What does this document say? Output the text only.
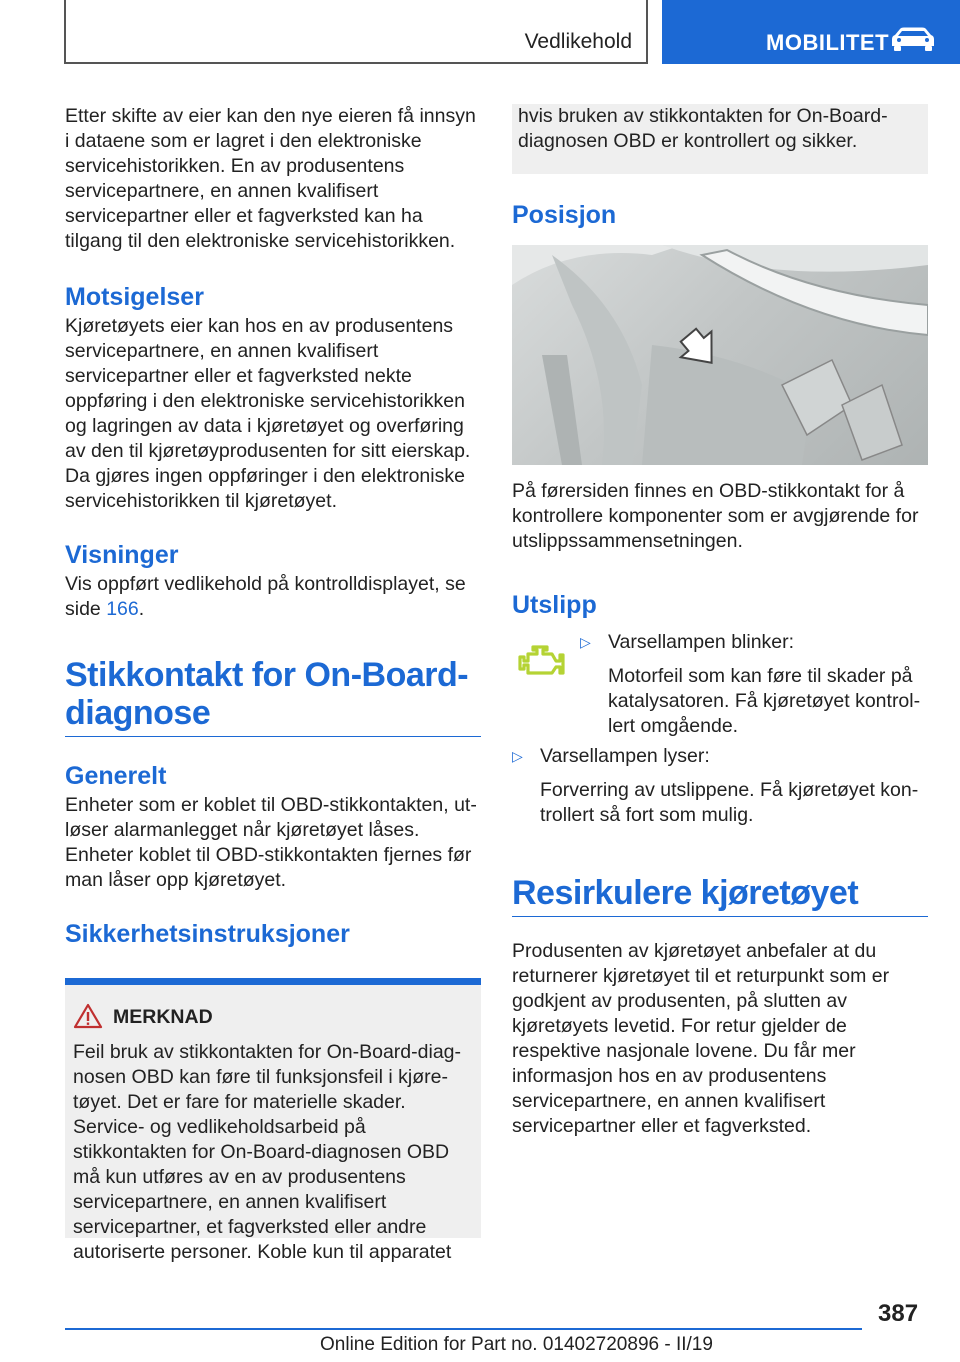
Vedlikehold	MOBILITET

Etter skifte av eier kan den nye eieren få innsyn i dataene som er lagret i den elektroniske servicehistorikken. En av produsentens servicepartnere, en annen kvalifisert servicepartner eller et fagverksted kan ha tilgang til den elektroniske servicehistorikken.

Motsigelser

Kjøretøyets eier kan hos en av produsentens servicepartnere, en annen kvalifisert servicepartner eller et fagverksted nekte oppføring i den elektroniske servicehistorikken og lagringen av data i kjøretøyet og overføring av den til kjøretøyprodusenten for sitt eierskap. Da gjøres ingen oppføringer i den elektroniske servicehistorikken til kjøretøyet.

Visninger

Vis oppført vedlikehold på kontrolldisplayet, se side 166.

Stikkontakt for On-Board-diagnose
Generelt

Enheter som er koblet til OBD-stikkontakten, utløser alarmanlegget når kjøretøyet låses. Enheter koblet til OBD-stikkontakten fjernes før man låser opp kjøretøyet.

Sikkerhetsinstruksjoner
MERKNAD

Feil bruk av stikkontakten for On-Board-diagnosen OBD kan føre til funksjonsfeil i kjøretøyet. Det er fare for materielle skader. Service- og vedlikeholdsarbeid på stikkontakten for On-Board-diagnosen OBD må kun utføres av en av produsentens servicepartnere, en annen kvalifisert servicepartner, et fagverksted eller andre autoriserte personer. Koble kun til apparatet

hvis bruken av stikkontakten for On-Board-diagnosen OBD er kontrollert og sikker.

Posisjon

På førersiden finnes en OBD-stikkontakt for å kontrollere komponenter som er avgjørende for utslippssammensetningen.

Utslipp
▷ Varsellampen blinker:

Motorfeil som kan føre til skader på katalysatoren. Få kjøretøyet kontrollert omgående.

▷ Varsellampen lyser:

Forverring av utslippene. Få kjøretøyet kontrollert så fort som mulig.

Resirkulere kjøretøyet

Produsenten av kjøretøyet anbefaler at du returnerer kjøretøyet til et returpunkt som er godkjent av produsenten, på slutten av kjøretøyets levetid. For retur gjelder de respektive nasjonale lovene. Du får mer informasjon hos en av produsentens servicepartnere, en annen kvalifisert servicepartner eller et fagverksted.

387
Online Edition for Part no. 01402720896 - II/19
